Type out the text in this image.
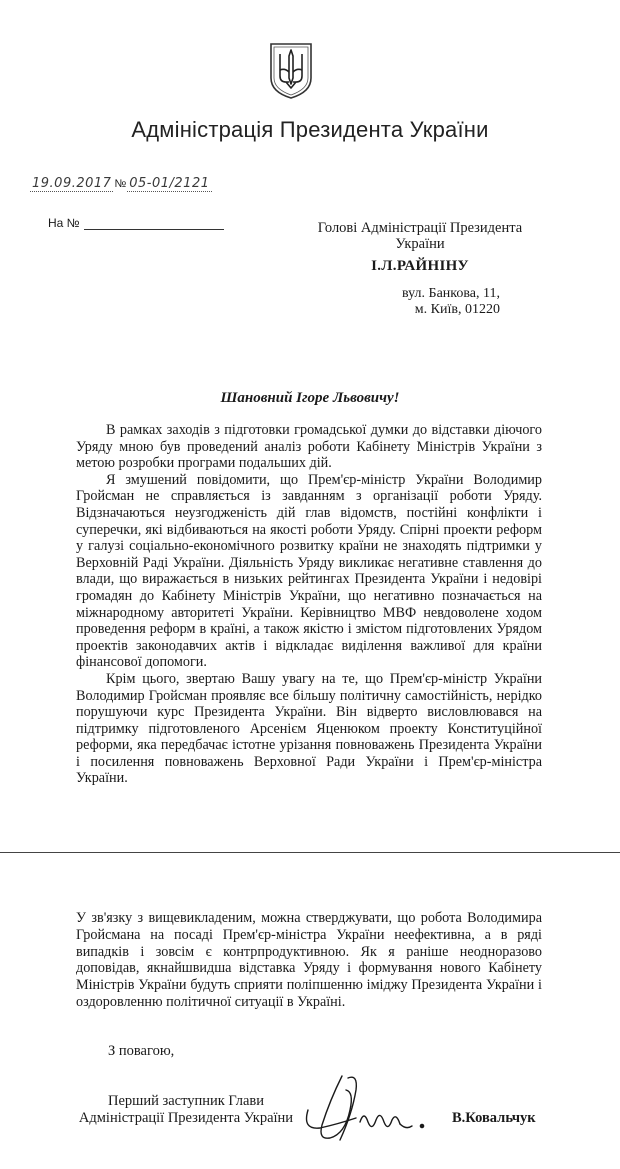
Адміністрація Президента України
19.09.2017 № 05-01/2121
На №	Голові Адміністрації Президента
України
І.Л.РАЙНІНУ
вул. Банкова, 11,
м. Київ, 01220
Шановний Ігоре Львовичу!

В рамках заходів з підготовки громадської думки до відставки діючого Уряду мною був проведений аналіз роботи Кабінету Міністрів України з метою розробки програми подальших дій.

Я змушений повідомити, що Прем'єр-міністр України Володимир Гройсман не справляється із завданням з організації роботи Уряду. Відзначаються неузгодженість дій глав відомств, постійні конфлікти і суперечки, які відбиваються на якості роботи Уряду. Спірні проекти реформ у галузі соціально-економічного розвитку країни не знаходять підтримки у Верховній Раді України. Діяльність Уряду викликає негативне ставлення до влади, що виражається в низьких рейтингах Президента України і недовірі громадян до Кабінету Міністрів України, що негативно позначається на міжнародному авторитеті України. Керівництво МВФ невдоволене ходом проведення реформ в країні, а також якістю і змістом підготовлених Урядом проектів законодавчих актів і відкладає виділення важливої для країни фінансової допомоги.

Крім цього, звертаю Вашу увагу на те, що Прем'єр-міністр України Володимир Гройсман проявляє все більшу політичну самостійність, нерідко порушуючи курс Президента України. Він відверто висловлювався на підтримку підготовленого Арсенієм Яценюком проекту Конституційної реформи, яка передбачає істотне урізання повноважень Президента України і посилення повноважень Верховної Ради України і Прем'єр-міністра України.

У зв'язку з вищевикладеним, можна стверджувати, що робота Володимира Гройсмана на посаді Прем'єр-міністра України неефективна, а в ряді випадків і зовсім є контрпродуктивною. Як я раніше неодноразово доповідав, якнайшвидша відставка Уряду і формування нового Кабінету Міністрів України будуть сприяти поліпшенню іміджу Президента України і оздоровленню політичної ситуації в Україні.

З повагою,
Перший заступник Глави
Адміністрації Президента України	В.Ковальчук
